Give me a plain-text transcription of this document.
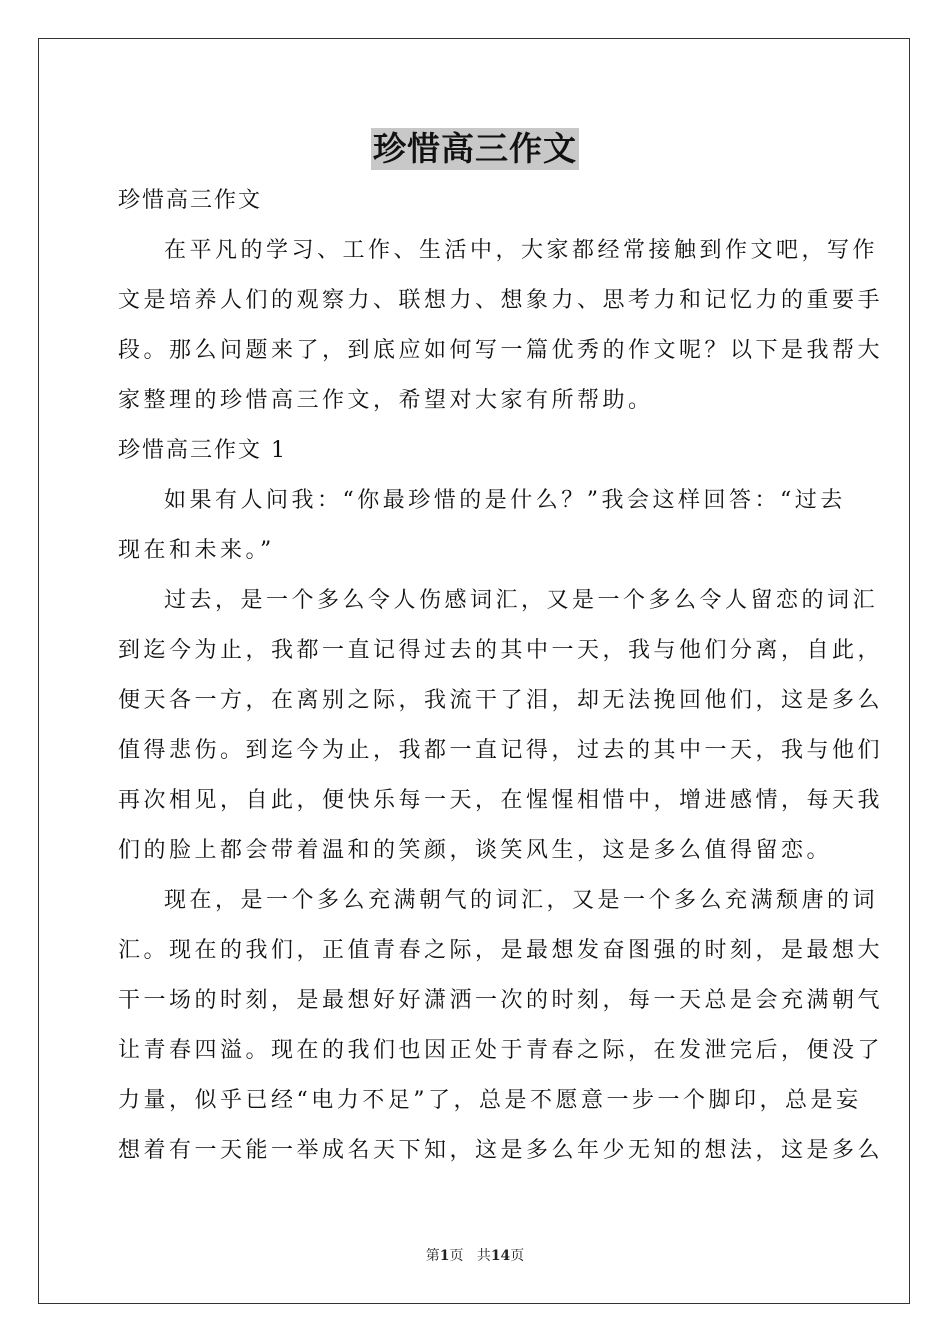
珍惜高三作文
珍惜高三作文
在平凡的学习、工作、生活中，大家都经常接触到作文吧，写作
文是培养人们的观察力、联想力、想象力、思考力和记忆力的重要手
段。那么问题来了，到底应如何写一篇优秀的作文呢？以下是我帮大
家整理的珍惜高三作文，希望对大家有所帮助。
珍惜高三作文 1
如果有人问我：“你最珍惜的是什么？”我会这样回答：“过去
现在和未来。”
过去，是一个多么令人伤感词汇，又是一个多么令人留恋的词汇
到迄今为止，我都一直记得过去的其中一天，我与他们分离，自此，
便天各一方，在离别之际，我流干了泪，却无法挽回他们，这是多么
值得悲伤。到迄今为止，我都一直记得，过去的其中一天，我与他们
再次相见，自此，便快乐每一天，在惺惺相惜中，增进感情，每天我
们的脸上都会带着温和的笑颜，谈笑风生，这是多么值得留恋。
现在，是一个多么充满朝气的词汇，又是一个多么充满颓唐的词
汇。现在的我们，正值青春之际，是最想发奋图强的时刻，是最想大
干一场的时刻，是最想好好潇洒一次的时刻，每一天总是会充满朝气
让青春四溢。现在的我们也因正处于青春之际，在发泄完后，便没了
力量，似乎已经“电力不足”了，总是不愿意一步一个脚印，总是妄
想着有一天能一举成名天下知，这是多么年少无知的想法，这是多么
第1页 共14页
